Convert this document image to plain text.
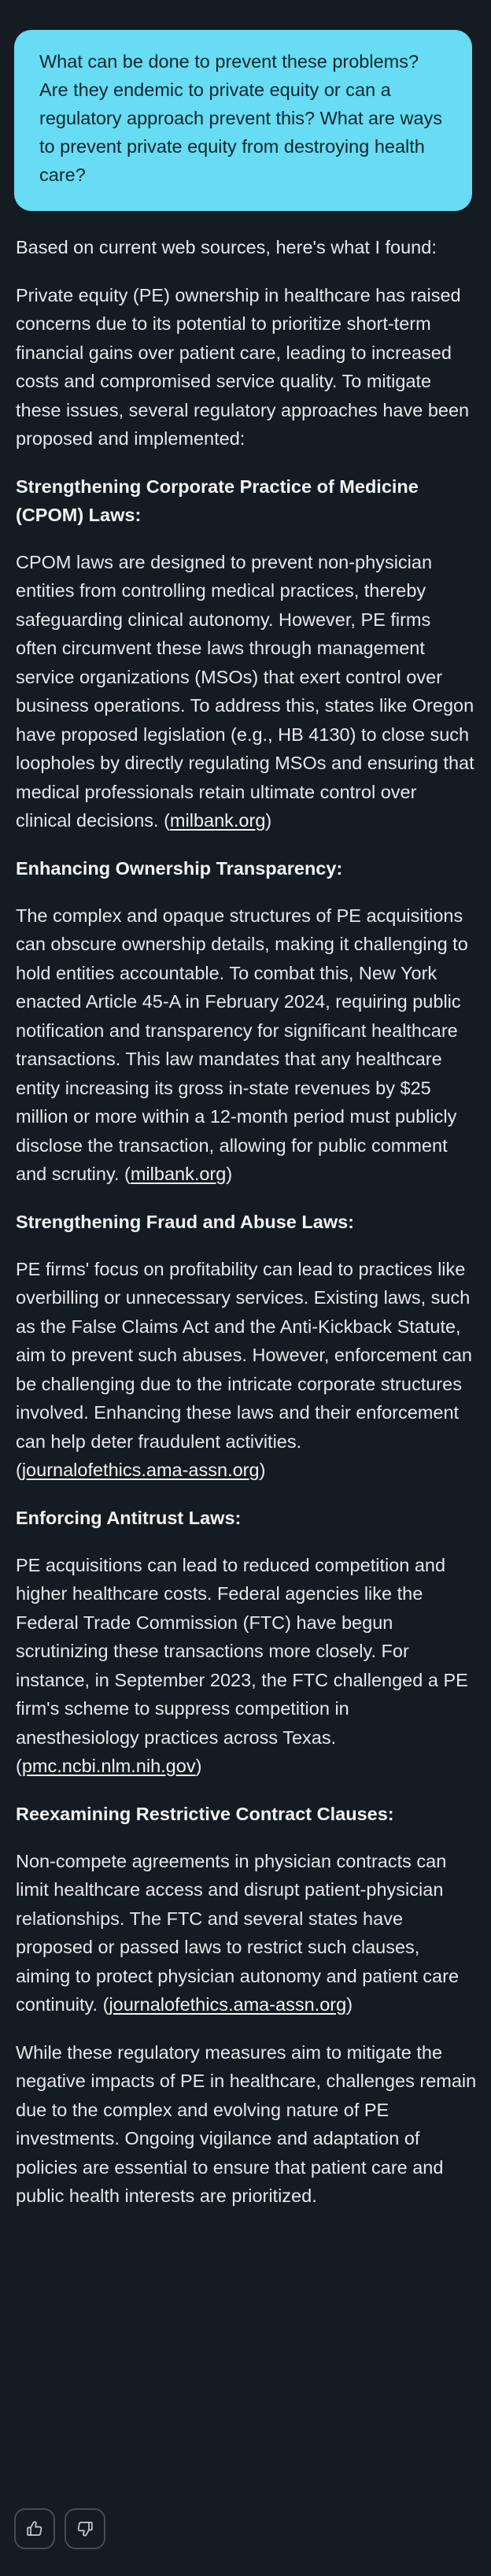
What can be done to prevent these problems? Are they endemic to private equity or can a regulatory approach prevent this? What are ways to prevent private equity from destroying health care?

Based on current web sources, here's what I found:

Private equity (PE) ownership in healthcare has raised concerns due to its potential to prioritize short-term financial gains over patient care, leading to increased costs and compromised service quality. To mitigate these issues, several regulatory approaches have been proposed and implemented:

Strengthening Corporate Practice of Medicine (CPOM) Laws:

CPOM laws are designed to prevent non-physician entities from controlling medical practices, thereby safeguarding clinical autonomy. However, PE firms often circumvent these laws through management service organizations (MSOs) that exert control over business operations. To address this, states like Oregon have proposed legislation (e.g., HB 4130) to close such loopholes by directly regulating MSOs and ensuring that medical professionals retain ultimate control over clinical decisions. (milbank.org)

Enhancing Ownership Transparency:

The complex and opaque structures of PE acquisitions can obscure ownership details, making it challenging to hold entities accountable. To combat this, New York enacted Article 45-A in February 2024, requiring public notification and transparency for significant healthcare transactions. This law mandates that any healthcare entity increasing its gross in-state revenues by $25 million or more within a 12-month period must publicly disclose the transaction, allowing for public comment and scrutiny. (milbank.org)

Strengthening Fraud and Abuse Laws:

PE firms' focus on profitability can lead to practices like overbilling or unnecessary services. Existing laws, such as the False Claims Act and the Anti-Kickback Statute, aim to prevent such abuses. However, enforcement can be challenging due to the intricate corporate structures involved. Enhancing these laws and their enforcement can help deter fraudulent activities. (journalofethics.ama-assn.org)

Enforcing Antitrust Laws:

PE acquisitions can lead to reduced competition and higher healthcare costs. Federal agencies like the Federal Trade Commission (FTC) have begun scrutinizing these transactions more closely. For instance, in September 2023, the FTC challenged a PE firm's scheme to suppress competition in anesthesiology practices across Texas. (pmc.ncbi.nlm.nih.gov)

Reexamining Restrictive Contract Clauses:

Non-compete agreements in physician contracts can limit healthcare access and disrupt patient-physician relationships. The FTC and several states have proposed or passed laws to restrict such clauses, aiming to protect physician autonomy and patient care continuity. (journalofethics.ama-assn.org)

While these regulatory measures aim to mitigate the negative impacts of PE in healthcare, challenges remain due to the complex and evolving nature of PE investments. Ongoing vigilance and adaptation of policies are essential to ensure that patient care and public health interests are prioritized.
